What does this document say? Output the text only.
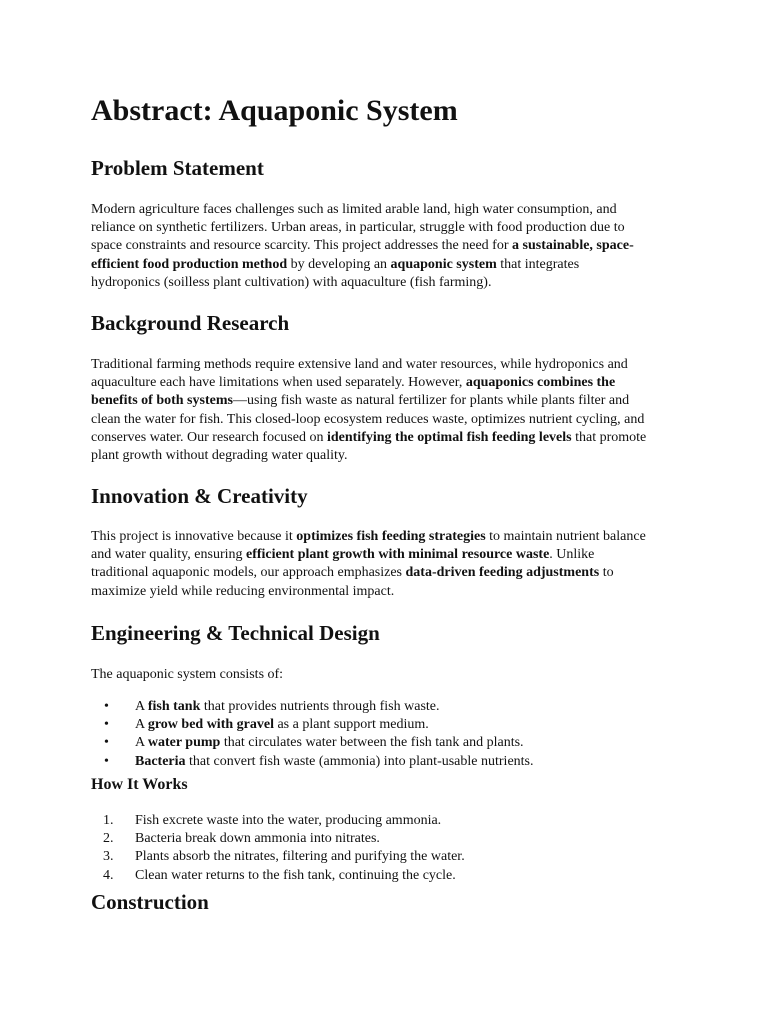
Abstract: Aquaponic System
Problem Statement

Modern agriculture faces challenges such as limited arable land, high water consumption, and reliance on synthetic fertilizers. Urban areas, in particular, struggle with food production due to space constraints and resource scarcity. This project addresses the need for a sustainable, space-efficient food production method by developing an aquaponic system that integrates hydroponics (soilless plant cultivation) with aquaculture (fish farming).

Background Research

Traditional farming methods require extensive land and water resources, while hydroponics and aquaculture each have limitations when used separately. However, aquaponics combines the benefits of both systems—using fish waste as natural fertilizer for plants while plants filter and clean the water for fish. This closed-loop ecosystem reduces waste, optimizes nutrient cycling, and conserves water. Our research focused on identifying the optimal fish feeding levels that promote plant growth without degrading water quality.

Innovation & Creativity

This project is innovative because it optimizes fish feeding strategies to maintain nutrient balance and water quality, ensuring efficient plant growth with minimal resource waste. Unlike traditional aquaponic models, our approach emphasizes data-driven feeding adjustments to maximize yield while reducing environmental impact.

Engineering & Technical Design

The aquaponic system consists of:

• A fish tank that provides nutrients through fish waste.
• A grow bed with gravel as a plant support medium.
• A water pump that circulates water between the fish tank and plants.
• Bacteria that convert fish waste (ammonia) into plant-usable nutrients.
How It Works
1. Fish excrete waste into the water, producing ammonia.
2. Bacteria break down ammonia into nitrates.
3. Plants absorb the nitrates, filtering and purifying the water.
4. Clean water returns to the fish tank, continuing the cycle.
Construction
